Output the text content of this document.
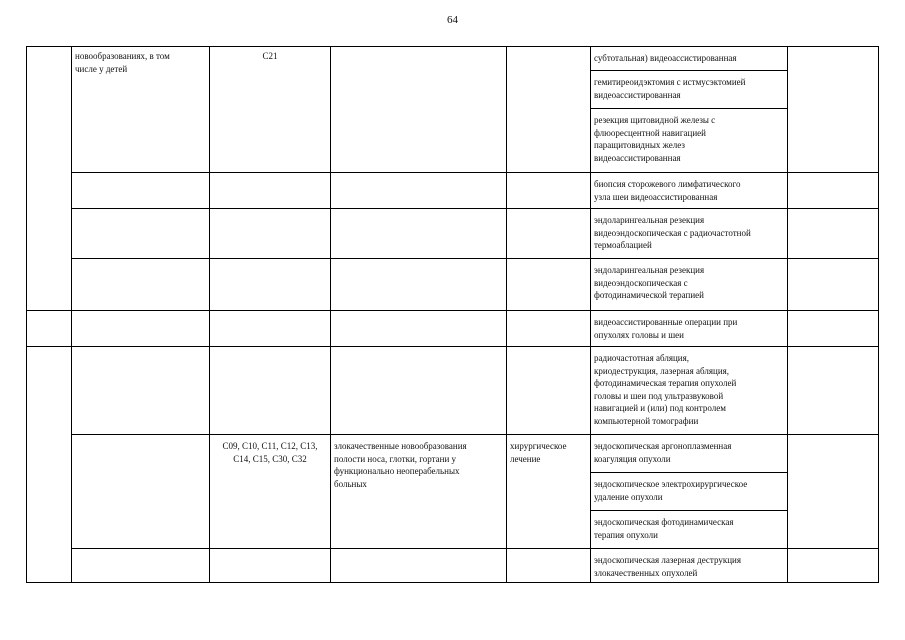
64
новообразованиях, в том
числе у детей
C21	субтотальная) видеоассистированная
гемитиреоидэктомия с истмусэктомией
видеоассистированная
резекция щитовидной железы с
флюоресцентной навигацией
паращитовидных желез
видеоассистированная
биопсия сторожевого лимфатического
узла шеи видеоассистированная
эндоларингеальная резекция
видеоэндоскопическая с радиочастотной
термоаблацией
эндоларингеальная резекция
видеоэндоскопическая с
фотодинамической терапией
видеоассистированные операции при
опухолях головы и шеи
радиочастотная абляция,
криодеструкция, лазерная абляция,
фотодинамическая терапия опухолей
головы и шеи под ультразвуковой
навигацией и (или) под контролем
компьютерной томографии
C09, C10, C11, C12, C13,
C14, C15, C30, C32
злокачественные новообразования
полости носа, глотки, гортани у
функционально неоперабельных
больных
хирургическое
лечение
эндоскопическая аргоноплазменная
коагуляция опухоли
эндоскопическое электрохирургическое
удаление опухоли
эндоскопическая фотодинамическая
терапия опухоли
эндоскопическая лазерная деструкция
злокачественных опухолей
